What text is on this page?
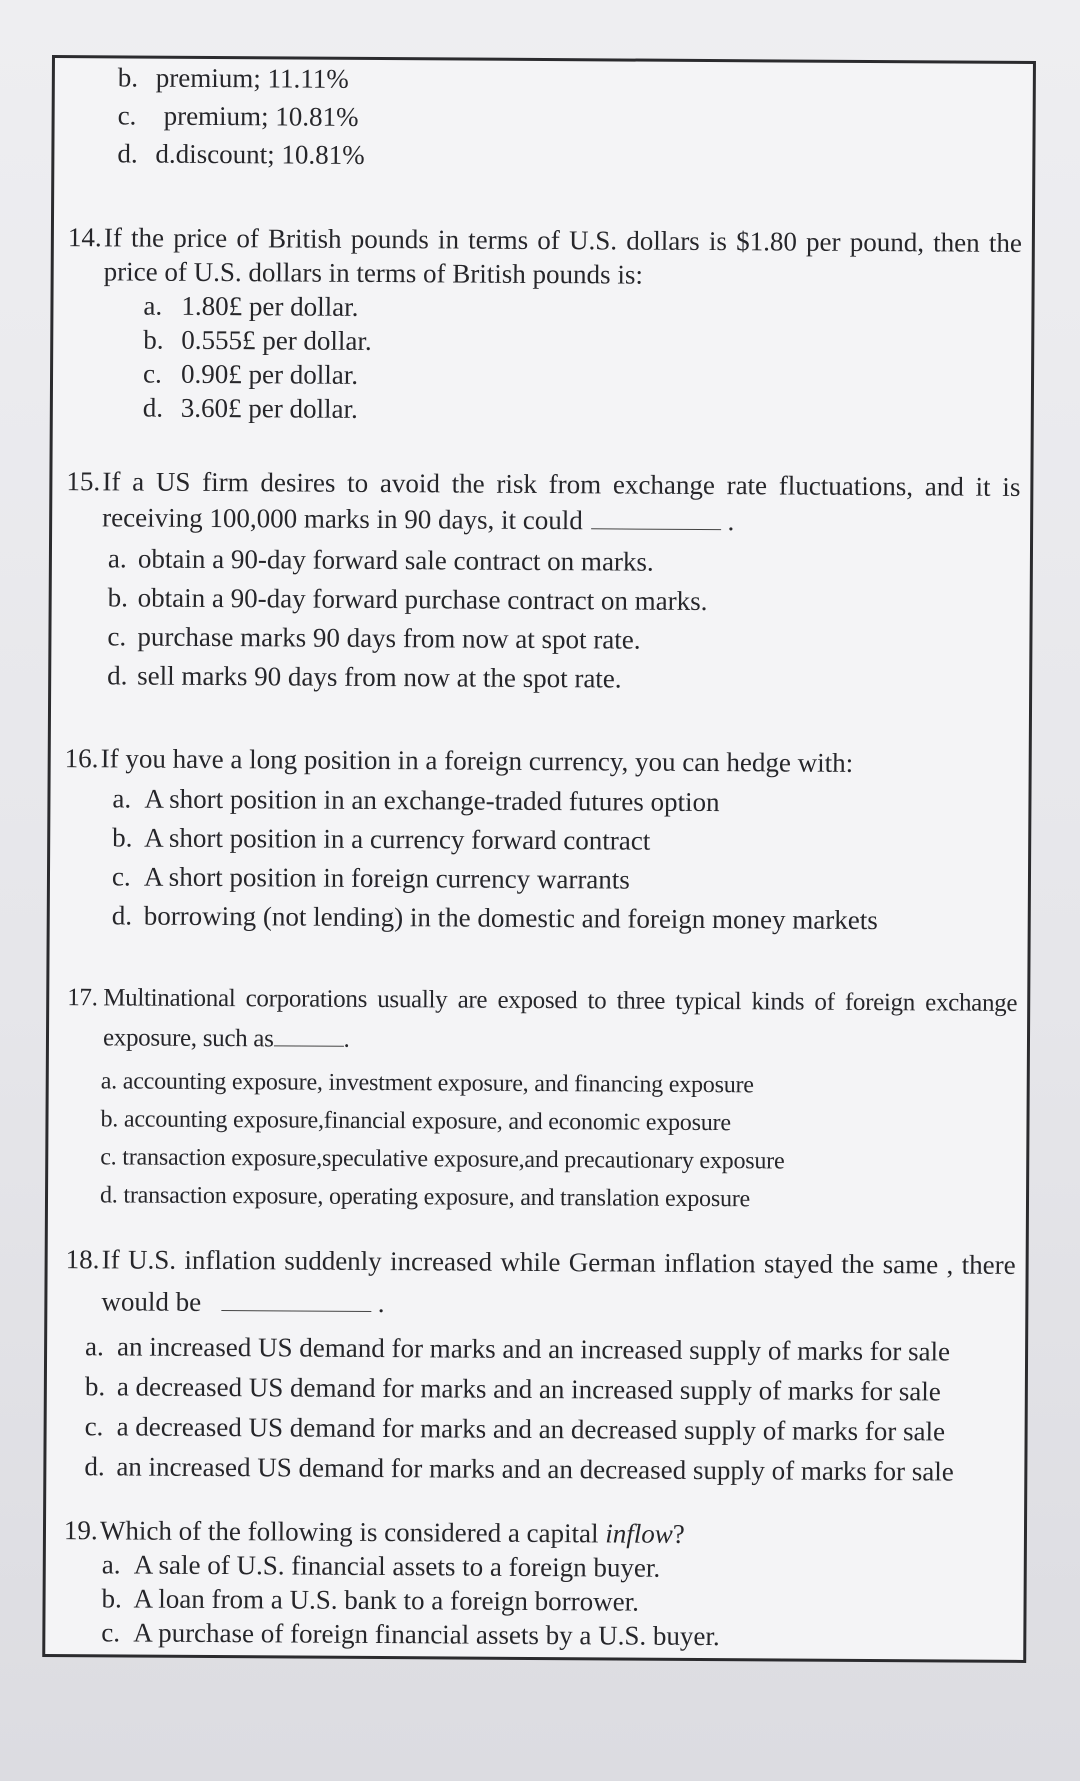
b. premium; 11.11%

c. premium; 10.81%

d. d.discount; 10.81%

14.If the price of British pounds in terms of U.S. dollars is $1.80 per pound, then the price of U.S. dollars in terms of British pounds is:

a. 1.80£ per dollar.

b. 0.555£ per dollar.

c. 0.90£ per dollar.

d. 3.60£ per dollar.

15.If a US firm desires to avoid the risk from exchange rate fluctuations, and it is receiving 100,000 marks in 90 days, it could	.

a. obtain a 90-day forward sale contract on marks.

b. obtain a 90-day forward purchase contract on marks.

c. purchase marks 90 days from now at spot rate.

d. sell marks 90 days from now at the spot rate.

16.If you have a long position in a foreign currency, you can hedge with:

a. A short position in an exchange-traded futures option

b. A short position in a currency forward contract

c. A short position in foreign currency warrants

d. borrowing (not lending) in the domestic and foreign money markets

17. Multinational corporations usually are exposed to three typical kinds of foreign exchange exposure, such as	.

a. accounting exposure, investment exposure, and financing exposure

b. accounting exposure,financial exposure, and economic exposure

c. transaction exposure,speculative exposure,and precautionary exposure

d. transaction exposure, operating exposure, and translation exposure

18.If U.S. inflation suddenly increased while German inflation stayed the same , there would be	.

a. an increased US demand for marks and an increased supply of marks for sale

b. a decreased US demand for marks and an increased supply of marks for sale

c. a decreased US demand for marks and an decreased supply of marks for sale

d. an increased US demand for marks and an decreased supply of marks for sale

19.Which of the following is considered a capital inflow?

a. A sale of U.S. financial assets to a foreign buyer.

b. A loan from a U.S. bank to a foreign borrower.

c. A purchase of foreign financial assets by a U.S. buyer.
